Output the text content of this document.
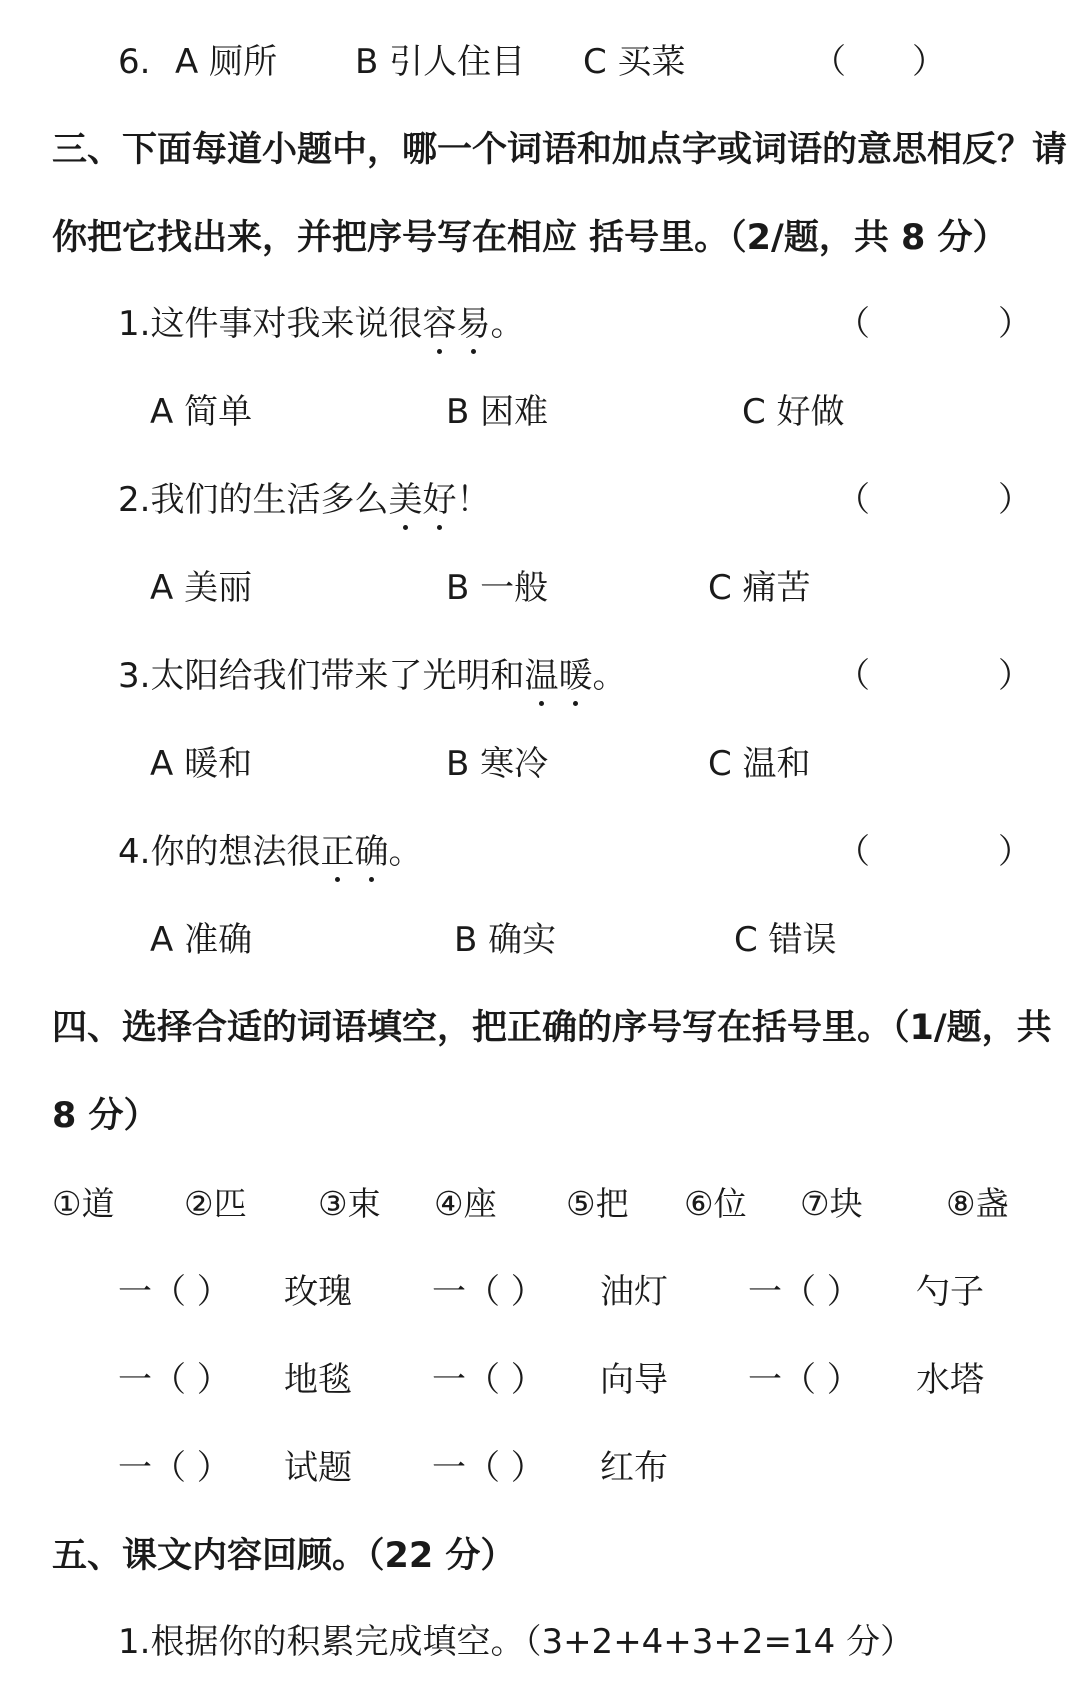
6. A 厕所 B 引人住目 C 买菜	（ ）
三、下面每道小题中，哪一个词语和加点字或词语的意思相反？请
你把它找出来，并把序号写在相应 括号里。（2/题，共 8 分）
1.这件事对我来说很容易。	（	）
A 简单	B 困难	C 好做
2.我们的生活多么美好！	（	）
A 美丽	B 一般	C 痛苦
3.太阳给我们带来了光明和温暖。	（	）
A 暖和	B 寒冷	C 温和
4.你的想法很正确。	（	）
A 准确	B 确实	C 错误
四、选择合适的词语填空，把正确的序号写在括号里。（1/题，共
8 分）
①道 ②匹 ③束 ④座 ⑤把 ⑥位 ⑦块	⑧盏
一（ ） 玫瑰 一（ ） 油灯 一（ ） 勺子
一（ ） 地毯 一（ ） 向导 一（ ） 水塔
一（ ） 试题 一（ ） 红布
五、课文内容回顾。（22 分）
1.根据你的积累完成填空。（3+2+4+3+2=14 分）
